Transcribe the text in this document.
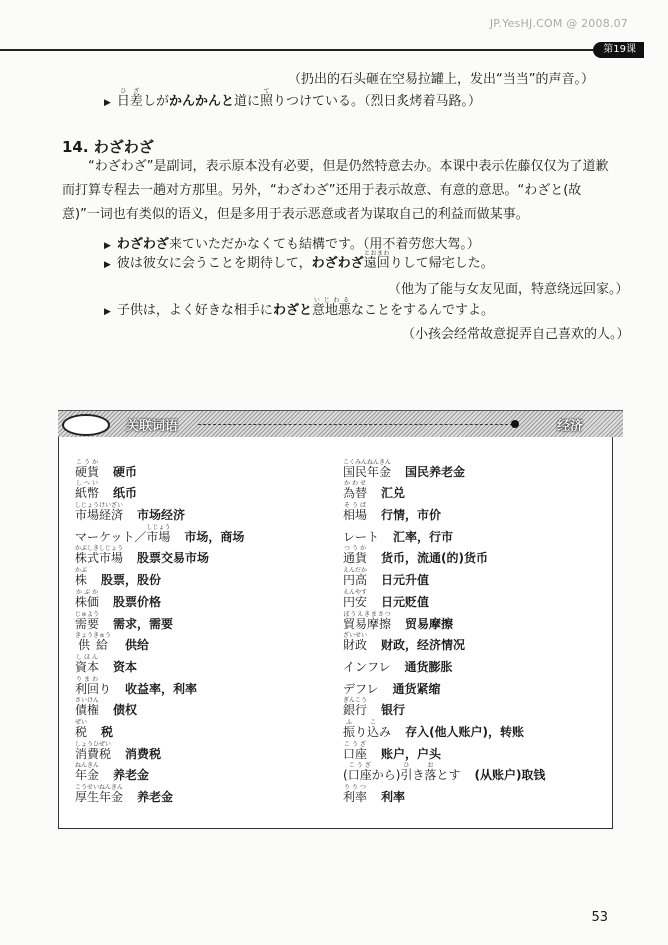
JP.YesHJ.COM @ 2008.07
第19课
（扔出的石头砸在空易拉罐上，发出“当当”的声音。）
▶ 日差ひざしがかんかんと道に照てりつけている。（烈日炙烤着马路。）
14. わざわざ
“わざわざ”是副词，表示原本没有必要，但是仍然特意去办。本课中表示佐藤仅仅为了道歉而打算专程去一趟对方那里。另外，“わざわざ”还用于表示故意、有意的意思。“わざと(故意)”一词也有类似的语义，但是多用于表示恶意或者为谋取自己的利益而做某事。
▶ わざわざ来ていただかなくても結構です。（用不着劳您大驾。）
▶ 彼は彼女に会うことを期待して，わざわざ遠回とおまわりして帰宅した。
（他为了能与女友见面，特意绕远回家。）
▶ 子供は，よく好きな相手にわざと意地悪いじわるなことをするんですよ。
（小孩会经常故意捉弄自己喜欢的人。）
关联词语	经济
硬貨こうか
硬币
紙幣しへい
纸币
市場経済しじょうけいざい
市场经济
マーケット／市場しじょう
市场，商场
株式市場かぶしきしじょう
股票交易市场
株かぶ
股票，股份
株価かぶか
股票价格
需要じゅよう
需求，需要
供給きょうきゅう
供给
資本しほん
资本
利回りまわり 收益率，利率
債権さいけん
债权
税ぜい
税
消費税しょうひぜい
消费税
年金ねんきん
养老金
厚生年金こうせいねんきん
养老金
国民年金こくみんねんきん
国民养老金
為替かわせ
汇兑
相場そうば
行情，市价
レート 汇率，行市
通貨つうか
货币，流通(的)货币
円高えんだか
日元升值
円安えんやす
日元贬值
貿易摩擦ぼうえきまさつ
贸易摩擦
財政ざいせい
财政，经济情况
インフレ 通货膨胀
デフレ 通货紧缩
銀行ぎんこう
银行
振ふり込こみ 存入(他人账户)，转账
口座こうざ
账户，户头
(口座こうざから)引ひき落おとす (从账户)取钱
利率りりつ
利率
53
